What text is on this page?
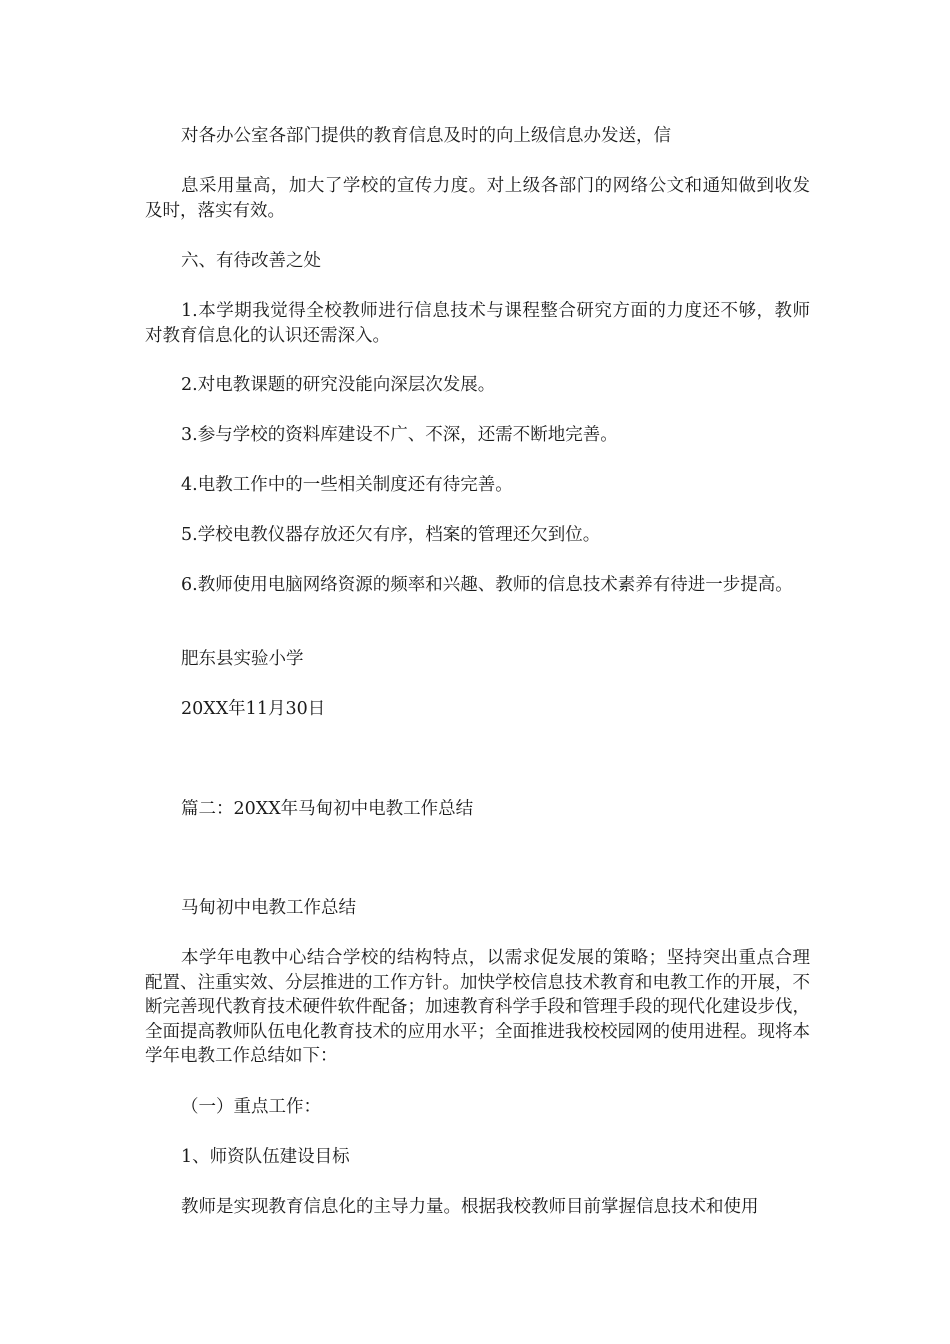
对各办公室各部门提供的教育信息及时的向上级信息办发送，信

息采用量高，加大了学校的宣传力度。对上级各部门的网络公文和通知做到收发及时，落实有效。

六、有待改善之处

1.本学期我觉得全校教师进行信息技术与课程整合研究方面的力度还不够，教师对教育信息化的认识还需深入。

2.对电教课题的研究没能向深层次发展。

3.参与学校的资料库建设不广、不深，还需不断地完善。

4.电教工作中的一些相关制度还有待完善。

5.学校电教仪器存放还欠有序，档案的管理还欠到位。

6.教师使用电脑网络资源的频率和兴趣、教师的信息技术素养有待进一步提高。

肥东县实验小学

20XX年11月30日

篇二：20XX年马甸初中电教工作总结

马甸初中电教工作总结

本学年电教中心结合学校的结构特点，以需求促发展的策略；坚持突出重点合理配置、注重实效、分层推进的工作方针。加快学校信息技术教育和电教工作的开展，不断完善现代教育技术硬件软件配备；加速教育科学手段和管理手段的现代化建设步伐，全面提高教师队伍电化教育技术的应用水平；全面推进我校校园网的使用进程。现将本学年电教工作总结如下：

（一）重点工作：

1、师资队伍建设目标

教师是实现教育信息化的主导力量。根据我校教师目前掌握信息技术和使用
